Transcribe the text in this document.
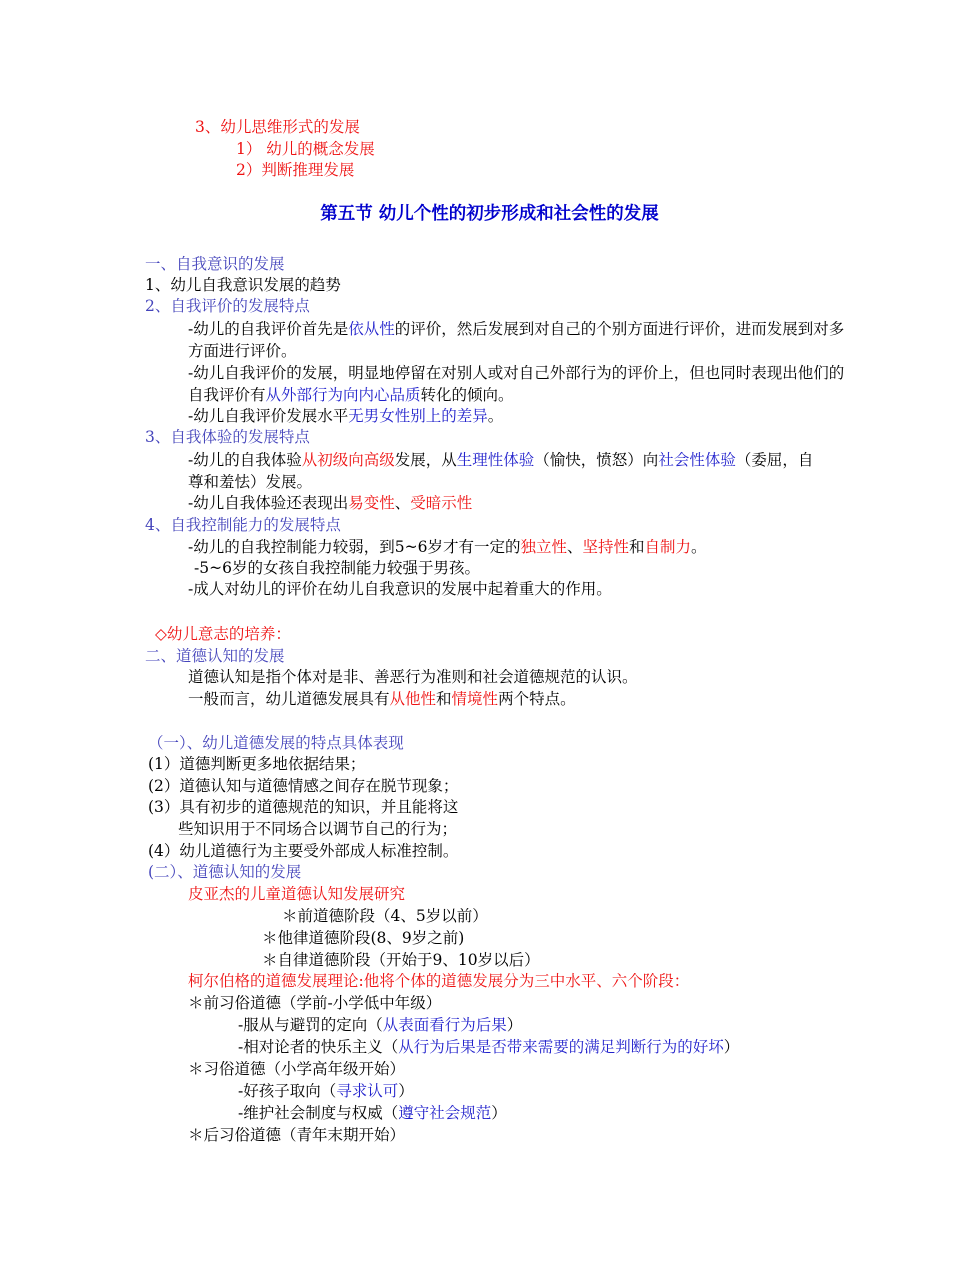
3、幼儿思维形式的发展
1） 幼儿的概念发展
2）判断推理发展
第五节 幼儿个性的初步形成和社会性的发展
一、自我意识的发展
1、幼儿自我意识发展的趋势
2、自我评价的发展特点
-幼儿的自我评价首先是依从性的评价，然后发展到对自己的个别方面进行评价，进而发展到对多方面进行评价。
-幼儿自我评价的发展，明显地停留在对别人或对自己外部行为的评价上，但也同时表现出他们的自我评价有从外部行为向内心品质转化的倾向。
-幼儿自我评价发展水平无男女性别上的差异。
3、自我体验的发展特点
-幼儿的自我体验从初级向高级发展，从生理性体验（愉快，愤怒）向社会性体验（委屈，自尊和羞怯）发展。
-幼儿自我体验还表现出易变性、受暗示性
4、自我控制能力的发展特点
-幼儿的自我控制能力较弱，到5~6岁才有一定的独立性、坚持性和自制力。
-5~6岁的女孩自我控制能力较强于男孩。
-成人对幼儿的评价在幼儿自我意识的发展中起着重大的作用。
◇幼儿意志的培养：
二、道德认知的发展
道德认知是指个体对是非、善恶行为准则和社会道德规范的认识。
一般而言，幼儿道德发展具有从他性和情境性两个特点。
（一）、幼儿道德发展的特点具体表现
(1）道德判断更多地依据结果；
(2）道德认知与道德情感之间存在脱节现象；
(3）具有初步的道德规范的知识，并且能将这
些知识用于不同场合以调节自己的行为；
(4）幼儿道德行为主要受外部成人标准控制。
(二）、道德认知的发展
皮亚杰的儿童道德认知发展研究
＊前道德阶段（4、5岁以前）
＊他律道德阶段(8、9岁之前)
＊自律道德阶段（开始于9、10岁以后）
柯尔伯格的道德发展理论:他将个体的道德发展分为三中水平、六个阶段：
＊前习俗道德（学前-小学低中年级）
-服从与避罚的定向（从表面看行为后果）
-相对论者的快乐主义（从行为后果是否带来需要的满足判断行为的好坏）
＊习俗道德（小学高年级开始）
-好孩子取向（寻求认可）
-维护社会制度与权威（遵守社会规范）
＊后习俗道德（青年末期开始）
